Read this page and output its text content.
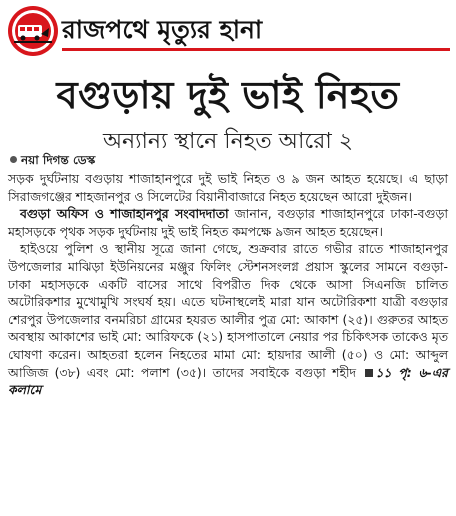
রাজপথে মৃত্যুর হানা
বগুড়ায় দুই ভাই নিহত
অন্যান্য স্থানে নিহত আরো ২
নয়া দিগন্ত ডেস্ক

সড়ক দুর্ঘটনায় বগুড়ায় শাজাহানপুরে দুই ভাই নিহত ও ৯ জন আহত হয়েছে। এ ছাড়া সিরাজগঞ্জের শাহজানপুর ও সিলেটের বিয়ানীবাজারে নিহত হয়েছেন আরো দুইজন।

বগুড়া অফিস ও শাজাহানপুর সংবাদদাতা জানান, বগুড়ার শাজাহানপুরে ঢাকা-বগুড়া মহাসড়কে পৃথক সড়ক দুর্ঘটনায় দুই ভাই নিহত কমপক্ষে ৯জন আহত হয়েছেন।

হাইওয়ে পুলিশ ও স্থানীয় সূত্রে জানা গেছে, শুক্রবার রাতে গভীর রাতে শাজাহানপুর উপজেলার মাঝিড়া ইউনিয়নের মঞ্জুর ফিলিং স্টেশনসংলগ্ন প্রয়াস স্কুলের সামনে বগুড়া-ঢাকা মহাসড়কে একটি বাসের সাথে বিপরীত দিক থেকে আসা সিএনজি চালিত অটোরিকশার মুখোমুখি সংঘর্ষ হয়। এতে ঘটনাস্থলেই মারা যান অটোরিকশা যাত্রী বগুড়ার শেরপুর উপজেলার বনমরিচা গ্রামের হযরত আলীর পুত্র মো: আকাশ (২৫)। গুরুতর আহত অবস্থায় আকাশের ভাই মো: আরিফকে (২১) হাসপাতালে নেয়ার পর চিকিৎসক তাকেও মৃত ঘোষণা করেন। আহতরা হলেন নিহতের মামা মো: হায়দার আলী (৫০) ও মো: আব্দুল আজিজ (৩৮) এবং মো: পলাশ (৩৫)। তাদের সবাইকে বগুড়া শহীদ ১১ পৃ: ৬-এর কলামে
